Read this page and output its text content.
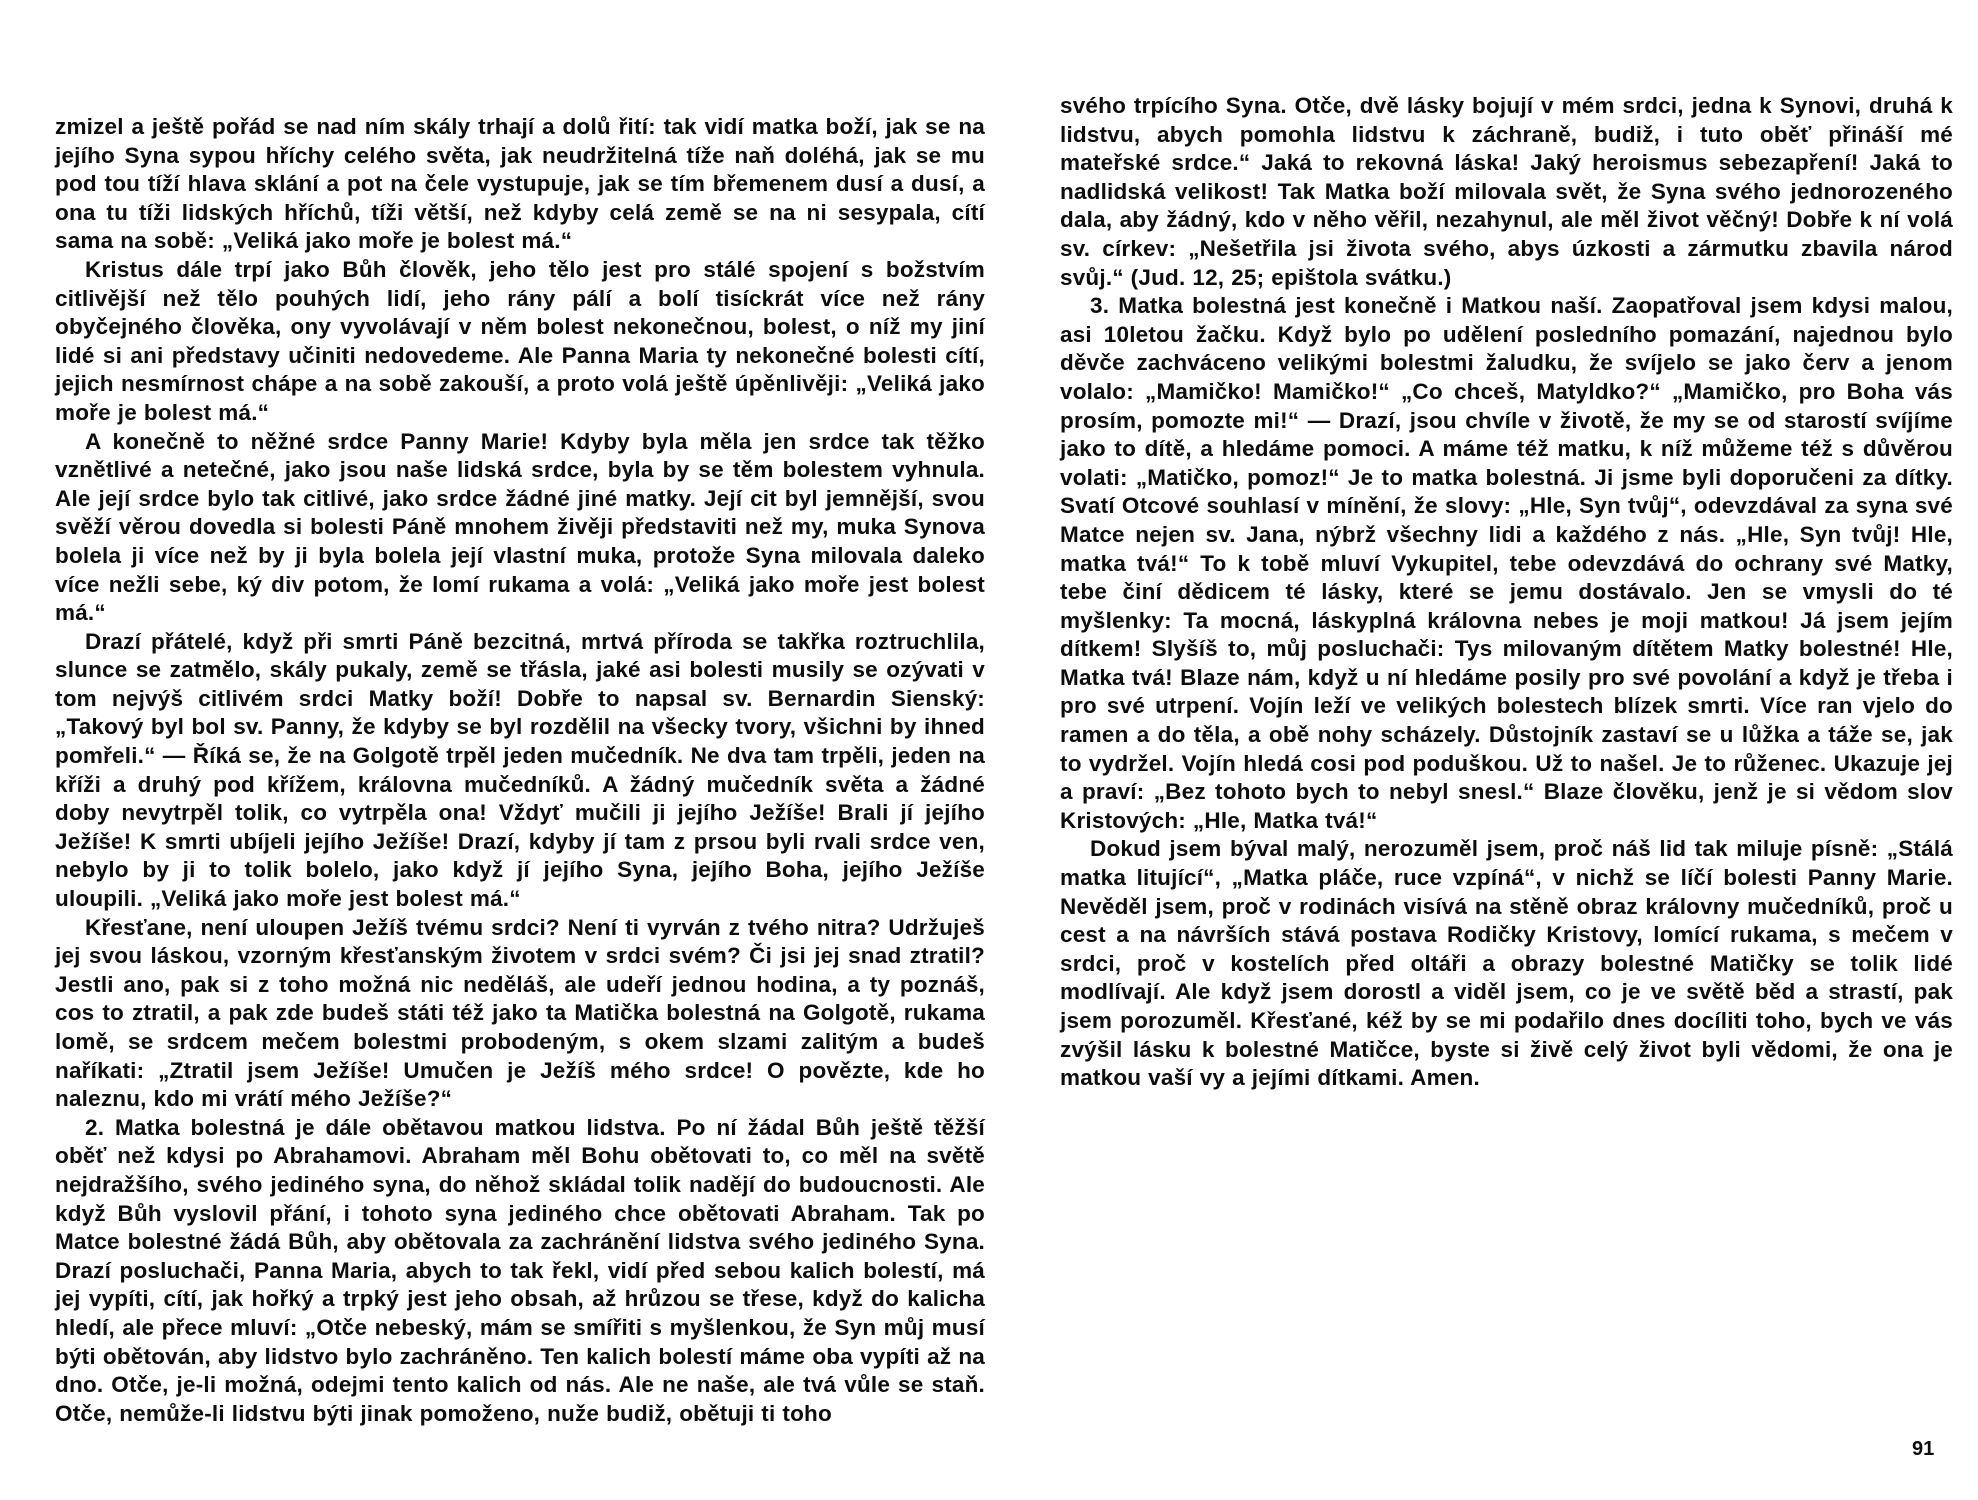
zmizel a ještě pořád se nad ním skály trhají a dolů řití: tak vidí matka boží, jak se na jejího Syna sypou hříchy celého světa, jak neudržitelná tíže naň doléhá, jak se mu pod tou tíží hlava sklání a pot na čele vystupuje, jak se tím břemenem dusí a dusí, a ona tu tíži lidských hříchů, tíži větší, než kdyby celá země se na ni sesypala, cítí sama na sobě: „Veliká jako moře je bolest má.“

Kristus dále trpí jako Bůh člověk, jeho tělo jest pro stálé spojení s božstvím citlivější než tělo pouhých lidí, jeho rány pálí a bolí tisíckrát více než rány obyčejného člověka, ony vyvolávají v něm bolest nekonečnou, bolest, o níž my jiní lidé si ani představy učiniti nedovedeme. Ale Panna Maria ty nekonečné bolesti cítí, jejich nesmírnost chápe a na sobě zakouší, a proto volá ještě úpěnlivěji: „Veliká jako moře je bolest má.“

A konečně to něžné srdce Panny Marie! Kdyby byla měla jen srdce tak těžko vznětlivé a netečné, jako jsou naše lidská srdce, byla by se těm bolestem vyhnula. Ale její srdce bylo tak citlivé, jako srdce žádné jiné matky. Její cit byl jemnější, svou svěží věrou dovedla si bolesti Páně mnohem živěji představiti než my, muka Synova bolela ji více než by ji byla bolela její vlastní muka, protože Syna milovala daleko více nežli sebe, ký div potom, že lomí rukama a volá: „Veliká jako moře jest bolest má.“

Drazí přátelé, když při smrti Páně bezcitná, mrtvá příroda se takřka roztruchlila, slunce se zatmělo, skály pukaly, země se třásla, jaké asi bolesti musily se ozývati v tom nejvýš citlivém srdci Matky boží! Dobře to napsal sv. Bernardin Sienský: „Takový byl bol sv. Panny, že kdyby se byl rozdělil na všecky tvory, všichni by ihned pomřeli.“ — Říká se, že na Golgotě trpěl jeden mučedník. Ne dva tam trpěli, jeden na kříži a druhý pod křížem, královna mučedníků. A žádný mučedník světa a žádné doby nevytrpěl tolik, co vytrpěla ona! Vždyť mučili ji jejího Ježíše! Brali jí jejího Ježíše! K smrti ubíjeli jejího Ježíše! Drazí, kdyby jí tam z prsou byli rvali srdce ven, nebylo by ji to tolik bolelo, jako když jí jejího Syna, jejího Boha, jejího Ježíše uloupili. „Veliká jako moře jest bolest má.“

Křesťane, není uloupen Ježíš tvému srdci? Není ti vyrván z tvého nitra? Udržuješ jej svou láskou, vzorným křesťanským životem v srdci svém? Či jsi jej snad ztratil? Jestli ano, pak si z toho možná nic neděláš, ale udeří jednou hodina, a ty poznáš, cos to ztratil, a pak zde budeš státi též jako ta Matička bolestná na Golgotě, rukama lomě, se srdcem mečem bolestmi probodeným, s okem slzami zalitým a budeš naříkati: „Ztratil jsem Ježíše! Umučen je Ježíš mého srdce! O povězte, kde ho naleznu, kdo mi vrátí mého Ježíše?“

2. Matka bolestná je dále obětavou matkou lidstva. Po ní žádal Bůh ještě těžší oběť než kdysi po Abrahamovi. Abraham měl Bohu obětovati to, co měl na světě nejdražšího, svého jediného syna, do něhož skládal tolik nadějí do budoucnosti. Ale když Bůh vyslovil přání, i tohoto syna jediného chce obětovati Abraham. Tak po Matce bolestné žádá Bůh, aby obětovala za zachránění lidstva svého jediného Syna. Drazí posluchači, Panna Maria, abych to tak řekl, vidí před sebou kalich bolestí, má jej vypíti, cítí, jak hořký a trpký jest jeho obsah, až hrůzou se třese, když do kalicha hledí, ale přece mluví: „Otče nebeský, mám se smířiti s myšlenkou, že Syn můj musí býti obětován, aby lidstvo bylo zachráněno. Ten kalich bolestí máme oba vypíti až na dno. Otče, je-li možná, odejmi tento kalich od nás. Ale ne naše, ale tvá vůle se staň. Otče, nemůže-li lidstvu býti jinak pomoženo, nuže budiž, obětuji ti toho

svého trpícího Syna. Otče, dvě lásky bojují v mém srdci, jedna k Synovi, druhá k lidstvu, abych pomohla lidstvu k záchraně, budiž, i tuto oběť přináší mé mateřské srdce.“ Jaká to rekovná láska! Jaký heroismus sebezapření! Jaká to nadlidská velikost! Tak Matka boží milovala svět, že Syna svého jednorozeného dala, aby žádný, kdo v něho věřil, nezahynul, ale měl život věčný! Dobře k ní volá sv. církev: „Nešetřila jsi života svého, abys úzkosti a zármutku zbavila národ svůj.“ (Jud. 12, 25; epištola svátku.)

3. Matka bolestná jest konečně i Matkou naší. Zaopatřoval jsem kdysi malou, asi 10letou žačku. Když bylo po udělení posledního pomazání, najednou bylo děvče zachváceno velikými bolestmi žaludku, že svíjelo se jako červ a jenom volalo: „Mamičko! Mamičko!“ „Co chceš, Matyldko?“ „Mamičko, pro Boha vás prosím, pomozte mi!“ — Drazí, jsou chvíle v životě, že my se od starostí svíjíme jako to dítě, a hledáme pomoci. A máme též matku, k níž můžeme též s důvěrou volati: „Matičko, pomoz!“ Je to matka bolestná. Ji jsme byli doporučeni za dítky. Svatí Otcové souhlasí v mínění, že slovy: „Hle, Syn tvůj“, odevzdával za syna své Matce nejen sv. Jana, nýbrž všechny lidi a každého z nás. „Hle, Syn tvůj! Hle, matka tvá!“ To k tobě mluví Vykupitel, tebe odevzdává do ochrany své Matky, tebe činí dědicem té lásky, které se jemu dostávalo. Jen se vmysli do té myšlenky: Ta mocná, láskyplná královna nebes je moji matkou! Já jsem jejím dítkem! Slyšíš to, můj posluchači: Tys milovaným dítětem Matky bolestné! Hle, Matka tvá! Blaze nám, když u ní hledáme posily pro své povolání a když je třeba i pro své utrpení. Vojín leží ve velikých bolestech blízek smrti. Více ran vjelo do ramen a do těla, a obě nohy scházely. Důstojník zastaví se u lůžka a táže se, jak to vydržel. Vojín hledá cosi pod poduškou. Už to našel. Je to růženec. Ukazuje jej a praví: „Bez tohoto bych to nebyl snesl.“ Blaze člověku, jenž je si vědom slov Kristových: „Hle, Matka tvá!“

Dokud jsem býval malý, nerozuměl jsem, proč náš lid tak miluje písně: „Stálá matka litující“, „Matka pláče, ruce vzpíná“, v nichž se líčí bolesti Panny Marie. Nevěděl jsem, proč v rodinách visívá na stěně obraz královny mučedníků, proč u cest a na návrších stává postava Rodičky Kristovy, lomící rukama, s mečem v srdci, proč v kostelích před oltáři a obrazy bolestné Matičky se tolik lidé modlívají. Ale když jsem dorostl a viděl jsem, co je ve světě běd a strastí, pak jsem porozuměl. Křesťané, kéž by se mi podařilo dnes docíliti toho, bych ve vás zvýšil lásku k bolestné Matičce, byste si živě celý život byli vědomi, že ona je matkou vaší vy a jejími dítkami. Amen.

91
